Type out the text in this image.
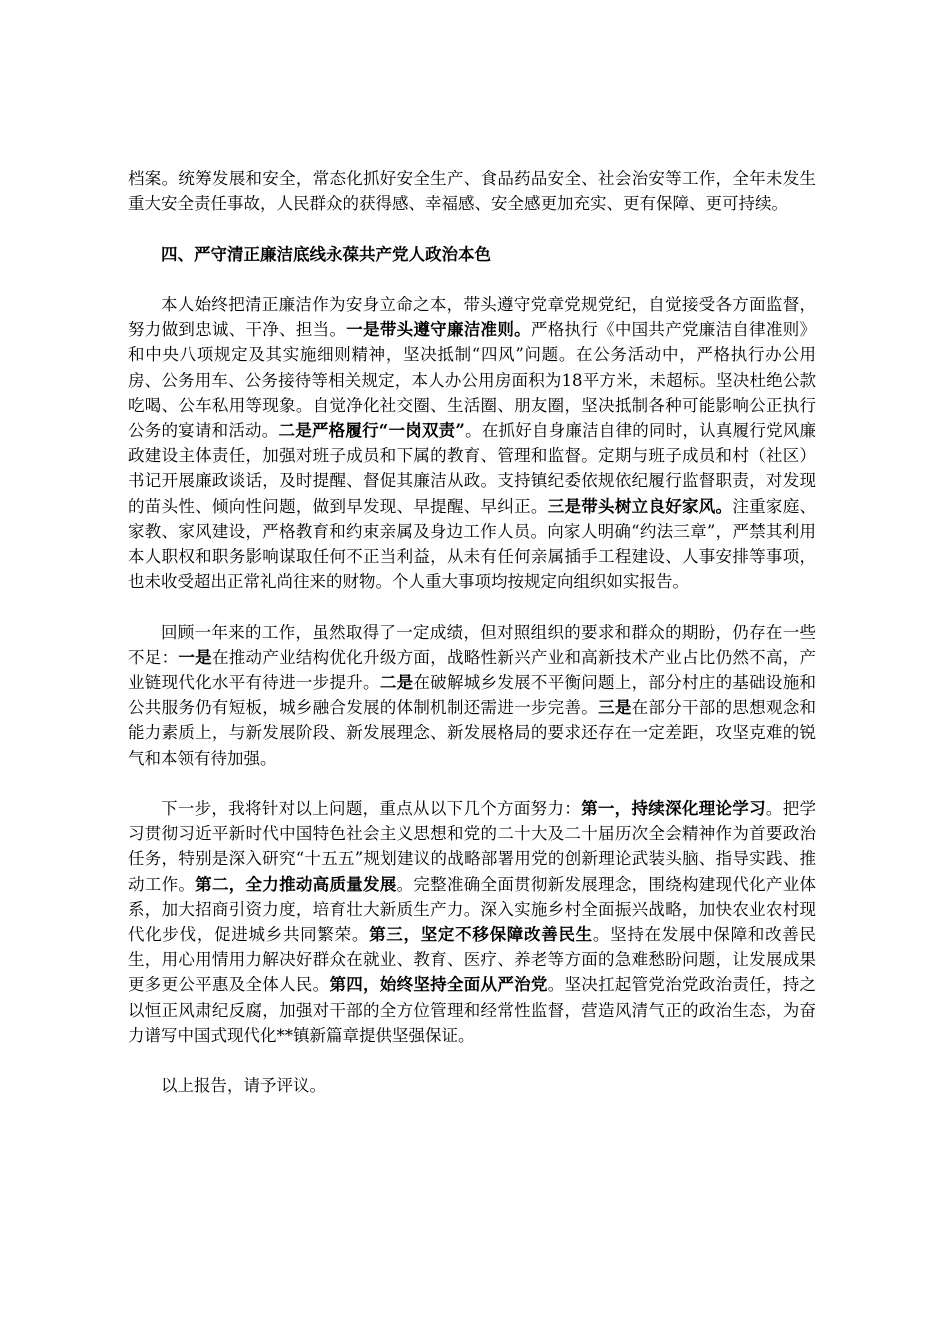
档案。统筹发展和安全，常态化抓好安全生产、食品药品安全、社会治安等工作，全年未发生重大安全责任事故，人民群众的获得感、幸福感、安全感更加充实、更有保障、更可持续。

四、严守清正廉洁底线永葆共产党人政治本色

本人始终把清正廉洁作为安身立命之本，带头遵守党章党规党纪，自觉接受各方面监督，努力做到忠诚、干净、担当。一是带头遵守廉洁准则。严格执行《中国共产党廉洁自律准则》和中央八项规定及其实施细则精神，坚决抵制“四风”问题。在公务活动中，严格执行办公用房、公务用车、公务接待等相关规定，本人办公用房面积为18平方米，未超标。坚决杜绝公款吃喝、公车私用等现象。自觉净化社交圈、生活圈、朋友圈，坚决抵制各种可能影响公正执行公务的宴请和活动。二是严格履行“一岗双责”。在抓好自身廉洁自律的同时，认真履行党风廉政建设主体责任，加强对班子成员和下属的教育、管理和监督。定期与班子成员和村（社区）书记开展廉政谈话，及时提醒、督促其廉洁从政。支持镇纪委依规依纪履行监督职责，对发现的苗头性、倾向性问题，做到早发现、早提醒、早纠正。三是带头树立良好家风。注重家庭、家教、家风建设，严格教育和约束亲属及身边工作人员。向家人明确“约法三章”，严禁其利用本人职权和职务影响谋取任何不正当利益，从未有任何亲属插手工程建设、人事安排等事项，也未收受超出正常礼尚往来的财物。个人重大事项均按规定向组织如实报告。

回顾一年来的工作，虽然取得了一定成绩，但对照组织的要求和群众的期盼，仍存在一些不足：一是在推动产业结构优化升级方面，战略性新兴产业和高新技术产业占比仍然不高，产业链现代化水平有待进一步提升。二是在破解城乡发展不平衡问题上，部分村庄的基础设施和公共服务仍有短板，城乡融合发展的体制机制还需进一步完善。三是在部分干部的思想观念和能力素质上，与新发展阶段、新发展理念、新发展格局的要求还存在一定差距，攻坚克难的锐气和本领有待加强。

下一步，我将针对以上问题，重点从以下几个方面努力：第一，持续深化理论学习。把学习贯彻习近平新时代中国特色社会主义思想和党的二十大及二十届历次全会精神作为首要政治任务，特别是深入研究“十五五”规划建议的战略部署用党的创新理论武装头脑、指导实践、推动工作。第二，全力推动高质量发展。完整准确全面贯彻新发展理念，围绕构建现代化产业体系，加大招商引资力度，培育壮大新质生产力。深入实施乡村全面振兴战略，加快农业农村现代化步伐，促进城乡共同繁荣。第三，坚定不移保障改善民生。坚持在发展中保障和改善民生，用心用情用力解决好群众在就业、教育、医疗、养老等方面的急难愁盼问题，让发展成果更多更公平惠及全体人民。第四，始终坚持全面从严治党。坚决扛起管党治党政治责任，持之以恒正风肃纪反腐，加强对干部的全方位管理和经常性监督，营造风清气正的政治生态，为奋力谱写中国式现代化**镇新篇章提供坚强保证。

以上报告，请予评议。
